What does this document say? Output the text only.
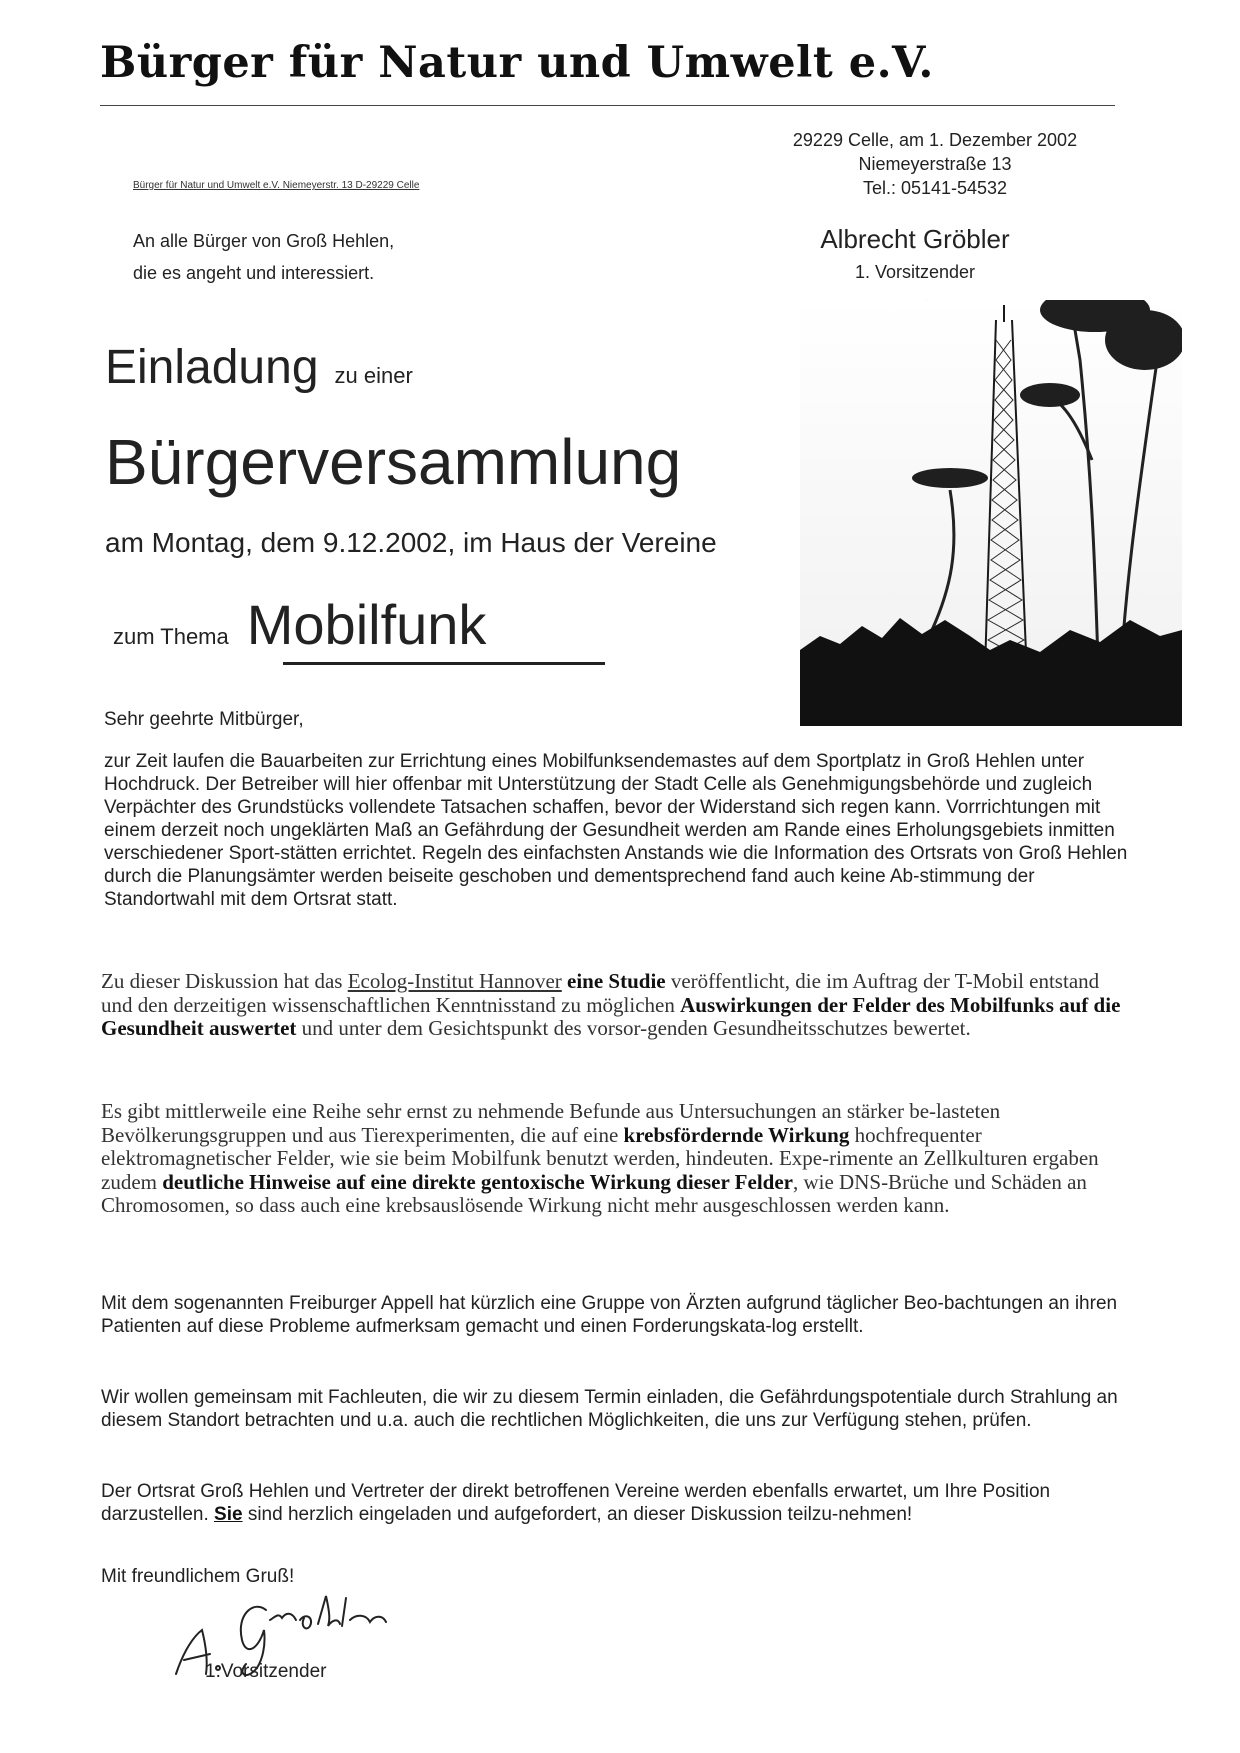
Bürger für Natur und Umwelt e.V.
29229 Celle, am 1. Dezember 2002
Niemeyerstraße 13
Tel.: 05141-54532
Bürger für Natur und Umwelt e.V. Niemeyerstr. 13 D-29229 Celle
An alle Bürger von Groß Hehlen,
die es angeht und interessiert.
Albrecht Gröbler
1. Vorsitzender
Einladung zu einer
Bürgerversammlung
am Montag, dem 9.12.2002, im Haus der Vereine
zum Thema Mobilfunk
Sehr geehrte Mitbürger,
zur Zeit laufen die Bauarbeiten zur Errichtung eines Mobilfunksendemastes auf dem Sportplatz in Groß Hehlen unter Hochdruck. Der Betreiber will hier offenbar mit Unterstützung der Stadt Celle als Genehmigungsbehörde und zugleich Verpächter des Grundstücks vollendete Tatsachen schaffen, bevor der Widerstand sich regen kann. Vorrrichtungen mit einem derzeit noch ungeklärten Maß an Gefährdung der Gesundheit werden am Rande eines Erholungsgebiets inmitten verschiedener Sport-stätten errichtet. Regeln des einfachsten Anstands wie die Information des Ortsrats von Groß Hehlen durch die Planungsämter werden beiseite geschoben und dementsprechend fand auch keine Ab-stimmung der Standortwahl mit dem Ortsrat statt.
Zu dieser Diskussion hat das Ecolog-Institut Hannover eine Studie veröffentlicht, die im Auftrag der T-Mobil entstand und den derzeitigen wissenschaftlichen Kenntnisstand zu möglichen Auswirkungen der Felder des Mobilfunks auf die Gesundheit auswertet und unter dem Gesichtspunkt des vorsor-genden Gesundheitsschutzes bewertet.
Es gibt mittlerweile eine Reihe sehr ernst zu nehmende Befunde aus Untersuchungen an stärker be-lasteten Bevölkerungsgruppen und aus Tierexperimenten, die auf eine krebsfördernde Wirkung hochfrequenter elektromagnetischer Felder, wie sie beim Mobilfunk benutzt werden, hindeuten. Expe-rimente an Zellkulturen ergaben zudem deutliche Hinweise auf eine direkte gentoxische Wirkung dieser Felder, wie DNS-Brüche und Schäden an Chromosomen, so dass auch eine krebsauslösende Wirkung nicht mehr ausgeschlossen werden kann.
Mit dem sogenannten Freiburger Appell hat kürzlich eine Gruppe von Ärzten aufgrund täglicher Beo-bachtungen an ihren Patienten auf diese Probleme aufmerksam gemacht und einen Forderungskata-log erstellt.
Wir wollen gemeinsam mit Fachleuten, die wir zu diesem Termin einladen, die Gefährdungspotentiale durch Strahlung an diesem Standort betrachten und u.a. auch die rechtlichen Möglichkeiten, die uns zur Verfügung stehen, prüfen.
Der Ortsrat Groß Hehlen und Vertreter der direkt betroffenen Vereine werden ebenfalls erwartet, um Ihre Position darzustellen. Sie sind herzlich eingeladen und aufgefordert, an dieser Diskussion teilzu-nehmen!
Mit freundlichem Gruß!
1.Vorsitzender
